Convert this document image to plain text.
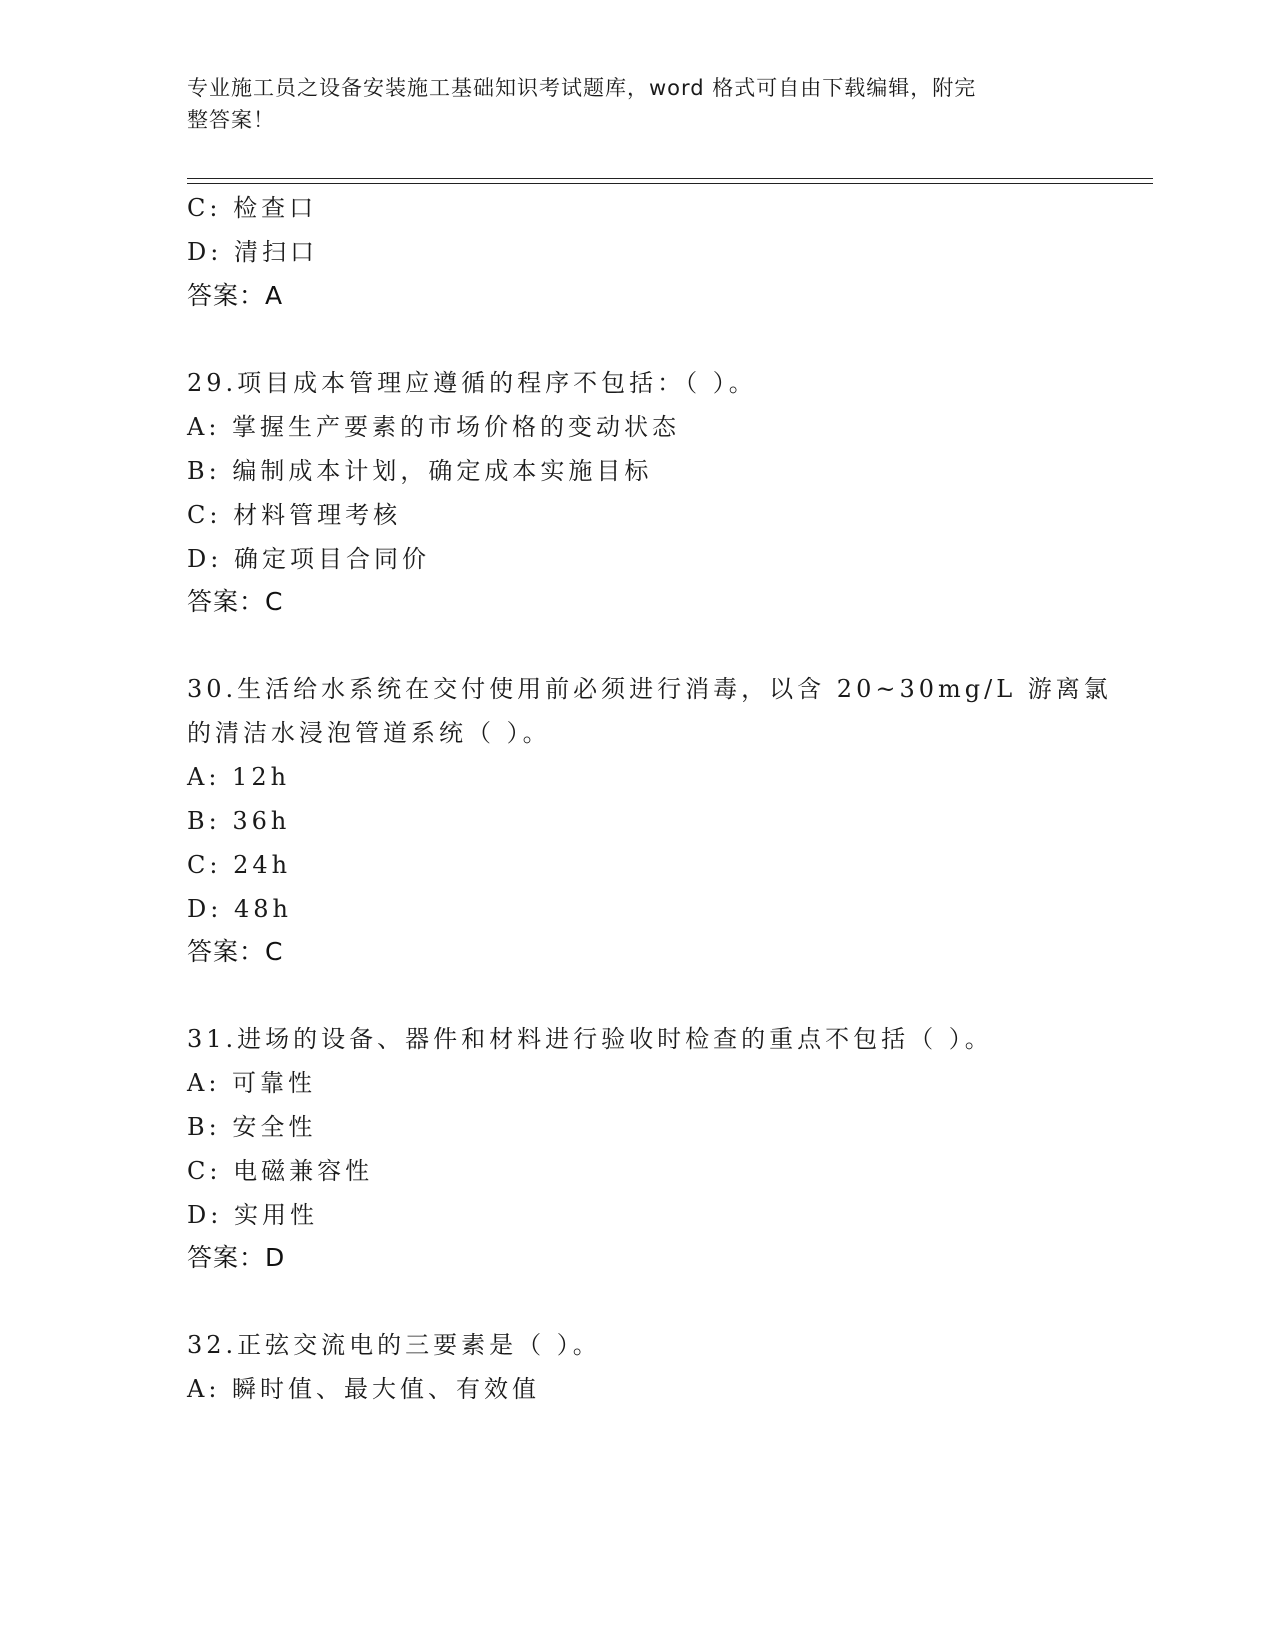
专业施工员之设备安装施工基础知识考试题库，word 格式可自由下载编辑，附完
整答案！
C: 检查口
D: 清扫口
答案：A
29.项目成本管理应遵循的程序不包括：（ ）。
A: 掌握生产要素的市场价格的变动状态
B: 编制成本计划，确定成本实施目标
C: 材料管理考核
D: 确定项目合同价
答案：C
30.生活给水系统在交付使用前必须进行消毒，以含 20~30mg/L 游离氯
的清洁水浸泡管道系统（ ）。
A: 12h
B: 36h
C: 24h
D: 48h
答案：C
31.进场的设备、器件和材料进行验收时检查的重点不包括（ ）。
A: 可靠性
B: 安全性
C: 电磁兼容性
D: 实用性
答案：D
32.正弦交流电的三要素是（ ）。
A: 瞬时值、最大值、有效值
